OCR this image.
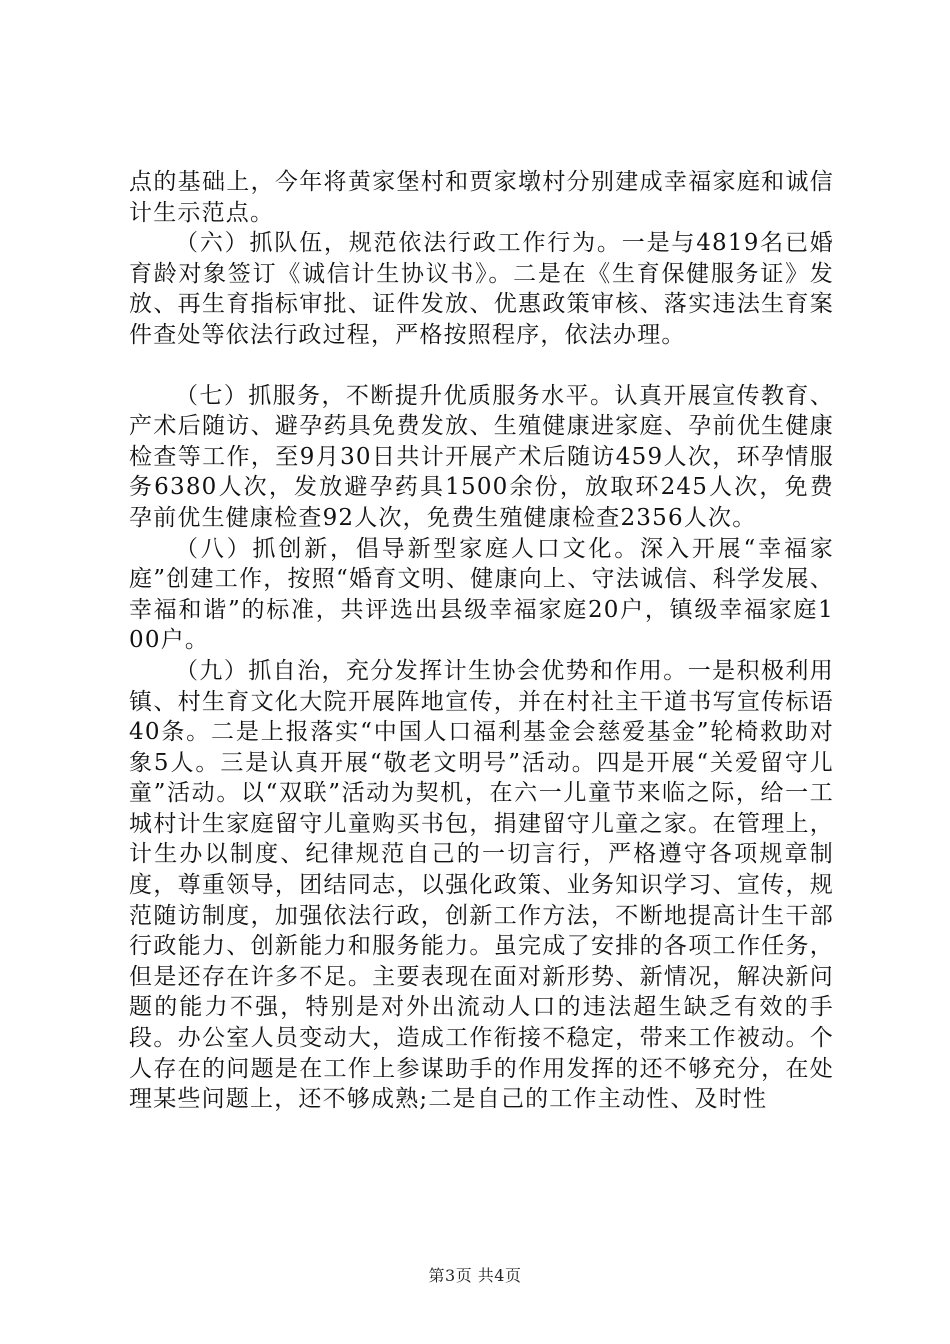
点的基础上，今年将黄家堡村和贾家墩村分别建成幸福家庭和诚信计生示范点。

（六）抓队伍，规范依法行政工作行为。一是与4819名已婚育龄对象签订《诚信计生协议书》。二是在《生育保健服务证》发放、再生育指标审批、证件发放、优惠政策审核、落实违法生育案件查处等依法行政过程，严格按照程序，依法办理。

（七）抓服务，不断提升优质服务水平。认真开展宣传教育、产术后随访、避孕药具免费发放、生殖健康进家庭、孕前优生健康检查等工作，至9月30日共计开展产术后随访459人次，环孕情服务6380人次，发放避孕药具1500余份，放取环245人次，免费孕前优生健康检查92人次，免费生殖健康检查2356人次。

（八）抓创新，倡导新型家庭人口文化。深入开展“幸福家庭”创建工作，按照“婚育文明、健康向上、守法诚信、科学发展、幸福和谐”的标准，共评选出县级幸福家庭20户，镇级幸福家庭100户。

（九）抓自治，充分发挥计生协会优势和作用。一是积极利用镇、村生育文化大院开展阵地宣传，并在村社主干道书写宣传标语40条。二是上报落实“中国人口福利基金会慈爱基金”轮椅救助对象5人。三是认真开展“敬老文明号”活动。四是开展“关爱留守儿童”活动。以“双联”活动为契机，在六一儿童节来临之际，给一工城村计生家庭留守儿童购买书包，捐建留守儿童之家。在管理上，计生办以制度、纪律规范自己的一切言行，严格遵守各项规章制度，尊重领导，团结同志，以强化政策、业务知识学习、宣传，规范随访制度，加强依法行政，创新工作方法，不断地提高计生干部行政能力、创新能力和服务能力。虽完成了安排的各项工作任务，但是还存在许多不足。主要表现在面对新形势、新情况，解决新问题的能力不强，特别是对外出流动人口的违法超生缺乏有效的手段。办公室人员变动大，造成工作衔接不稳定，带来工作被动。个人存在的问题是在工作上参谋助手的作用发挥的还不够充分，在处理某些问题上，还不够成熟;二是自己的工作主动性、及时性

第3页 共4页
